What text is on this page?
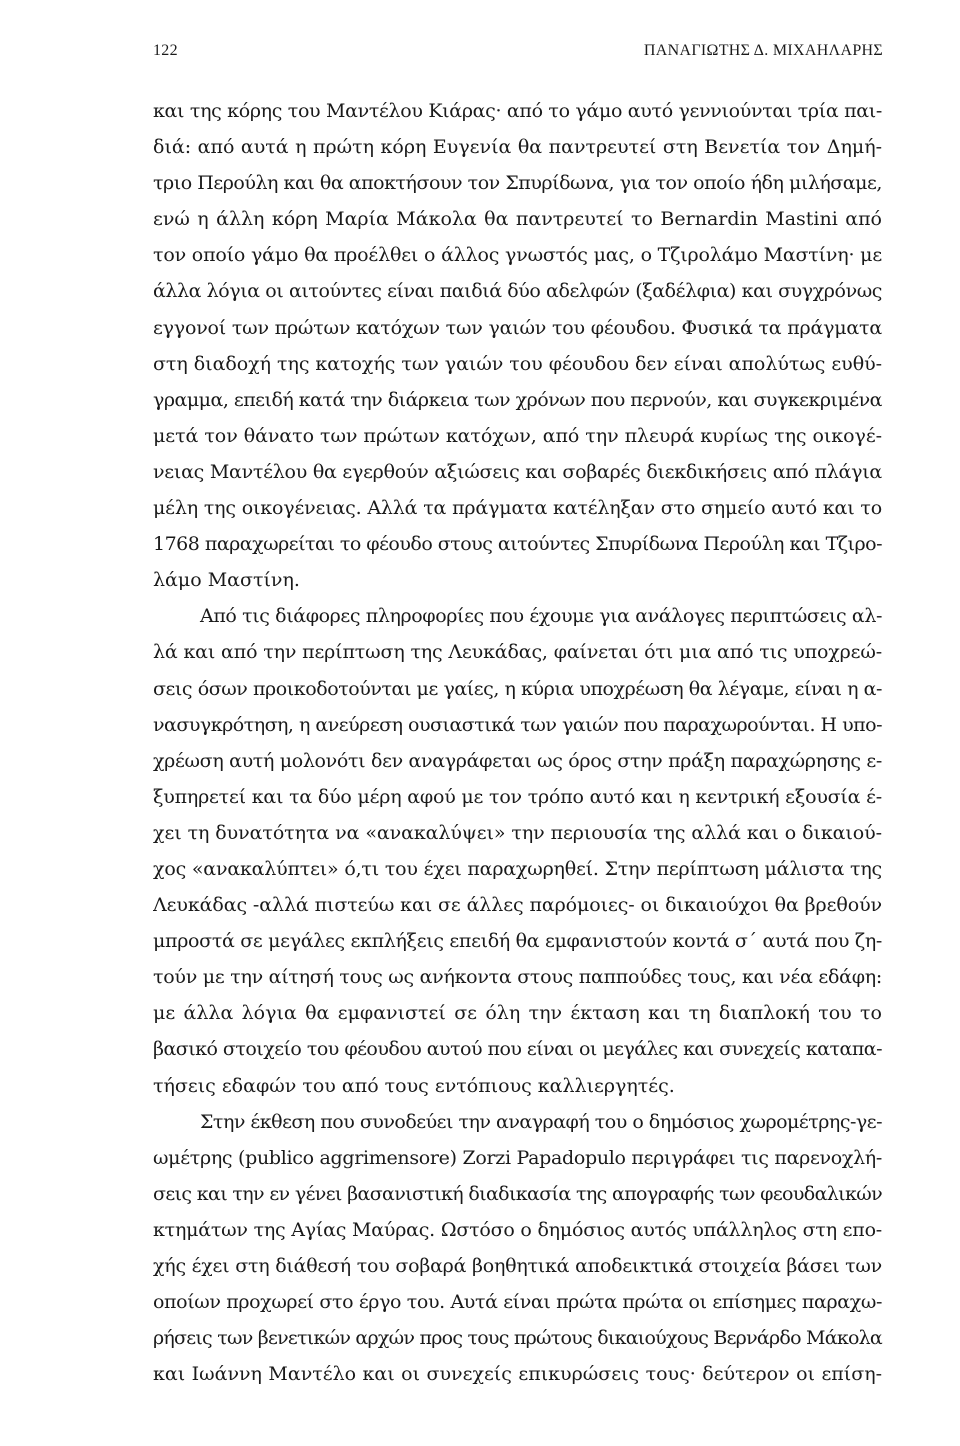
122	ΠΑΝΑΓΙΩΤΗΣ Δ. ΜΙΧΑΗΛΑΡΗΣ
και της κόρης του Μαντέλου Κιάρας· από το γάμο αυτό γεννιούνται τρία παι-
διά: από αυτά η πρώτη κόρη Ευγενία θα παντρευτεί στη Βενετία τον Δημή-
τριο Περούλη και θα αποκτήσουν τον Σπυρίδωνα, για τον οποίο ήδη μιλήσαμε,
ενώ η άλλη κόρη Μαρία Μάκολα θα παντρευτεί το Bernardin Mastini από
τον οποίο γάμο θα προέλθει ο άλλος γνωστός μας, ο Τζιρολάμο Μαστίνη· με
άλλα λόγια οι αιτούντες είναι παιδιά δύο αδελφών (ξαδέλφια) και συγχρόνως
εγγονοί των πρώτων κατόχων των γαιών του φέουδου. Φυσικά τα πράγματα
στη διαδοχή της κατοχής των γαιών του φέουδου δεν είναι απολύτως ευθύ-
γραμμα, επειδή κατά την διάρκεια των χρόνων που περνούν, και συγκεκριμένα
μετά τον θάνατο των πρώτων κατόχων, από την πλευρά κυρίως της οικογέ-
νειας Μαντέλου θα εγερθούν αξιώσεις και σοβαρές διεκδικήσεις από πλάγια
μέλη της οικογένειας. Αλλά τα πράγματα κατέληξαν στο σημείο αυτό και το
1768 παραχωρείται το φέουδο στους αιτούντες Σπυρίδωνα Περούλη και Τζιρο-
λάμο Μαστίνη.
Από τις διάφορες πληροφορίες που έχουμε για ανάλογες περιπτώσεις αλ-
λά και από την περίπτωση της Λευκάδας, φαίνεται ότι μια από τις υποχρεώ-
σεις όσων προικοδοτούνται με γαίες, η κύρια υποχρέωση θα λέγαμε, είναι η α-
νασυγκρότηση, η ανεύρεση ουσιαστικά των γαιών που παραχωρούνται. Η υπο-
χρέωση αυτή μολονότι δεν αναγράφεται ως όρος στην πράξη παραχώρησης ε-
ξυπηρετεί και τα δύο μέρη αφού με τον τρόπο αυτό και η κεντρική εξουσία έ-
χει τη δυνατότητα να «ανακαλύψει» την περιουσία της αλλά και ο δικαιού-
χος «ανακαλύπτει» ό,τι του έχει παραχωρηθεί. Στην περίπτωση μάλιστα της
Λευκάδας -αλλά πιστεύω και σε άλλες παρόμοιες- οι δικαιούχοι θα βρεθούν
μπροστά σε μεγάλες εκπλήξεις επειδή θα εμφανιστούν κοντά σ΄ αυτά που ζη-
τούν με την αίτησή τους ως ανήκοντα στους παππούδες τους, και νέα εδάφη:
με άλλα λόγια θα εμφανιστεί σε όλη την έκταση και τη διαπλοκή του το
βασικό στοιχείο του φέουδου αυτού που είναι οι μεγάλες και συνεχείς καταπα-
τήσεις εδαφών του από τους εντόπιους καλλιεργητές.
Στην έκθεση που συνοδεύει την αναγραφή του ο δημόσιος χωρομέτρης-γε-
ωμέτρης (publico aggrimensore) Zorzi Papadopulo περιγράφει τις παρενοχλή-
σεις και την εν γένει βασανιστική διαδικασία της απογραφής των φεουδαλικών
κτημάτων της Αγίας Μαύρας. Ωστόσο ο δημόσιος αυτός υπάλληλος στη επο-
χής έχει στη διάθεσή του σοβαρά βοηθητικά αποδεικτικά στοιχεία βάσει των
οποίων προχωρεί στο έργο του. Αυτά είναι πρώτα πρώτα οι επίσημες παραχω-
ρήσεις των βενετικών αρχών προς τους πρώτους δικαιούχους Βερνάρδο Μάκολα
και Ιωάννη Μαντέλο και οι συνεχείς επικυρώσεις τους· δεύτερον οι επίση-
